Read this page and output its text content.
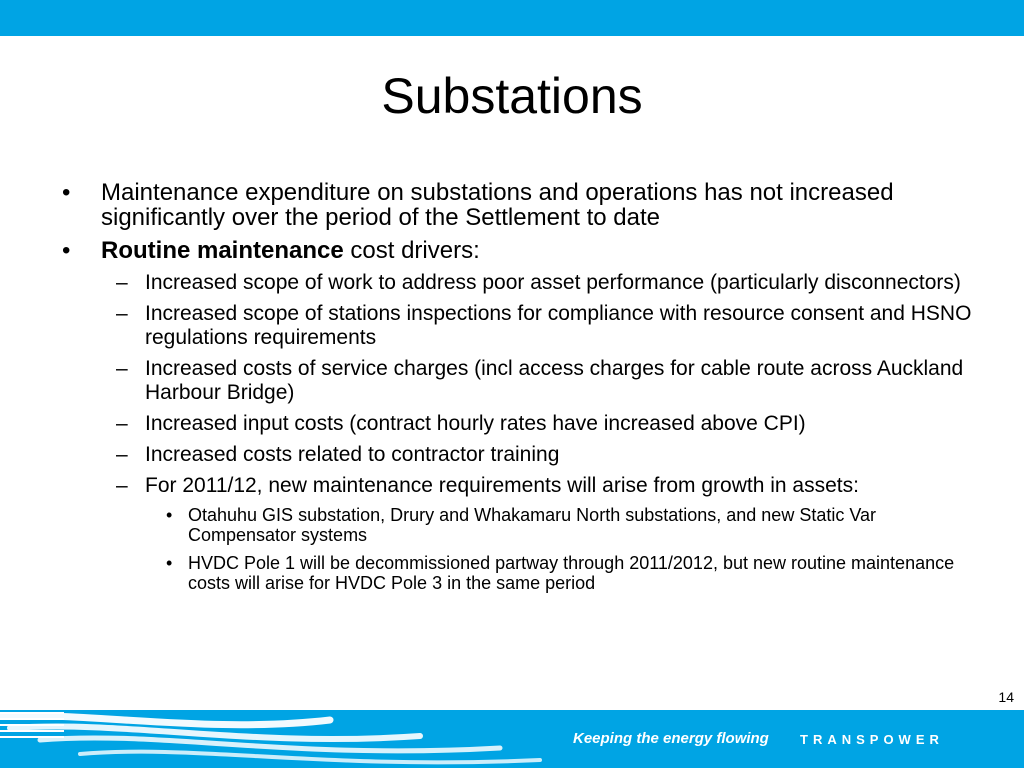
Substations
• Maintenance expenditure on substations and operations has not increased significantly over the period of the Settlement to date
• Routine maintenance cost drivers:
– Increased scope of work to address poor asset performance (particularly disconnectors)
– Increased scope of stations inspections for compliance with resource consent and HSNO regulations requirements
– Increased costs of service charges (incl access charges for cable route across Auckland Harbour Bridge)
– Increased input costs (contract hourly rates have increased above CPI)
– Increased costs related to contractor training
– For 2011/12, new maintenance requirements will arise from growth in assets:
• Otahuhu GIS substation, Drury and Whakamaru North substations, and new Static Var Compensator systems
• HVDC Pole 1 will be decommissioned partway through 2011/2012, but new routine maintenance costs will arise for HVDC Pole 3 in the same period
14
Keeping the energy flowing TRANSPOWER
